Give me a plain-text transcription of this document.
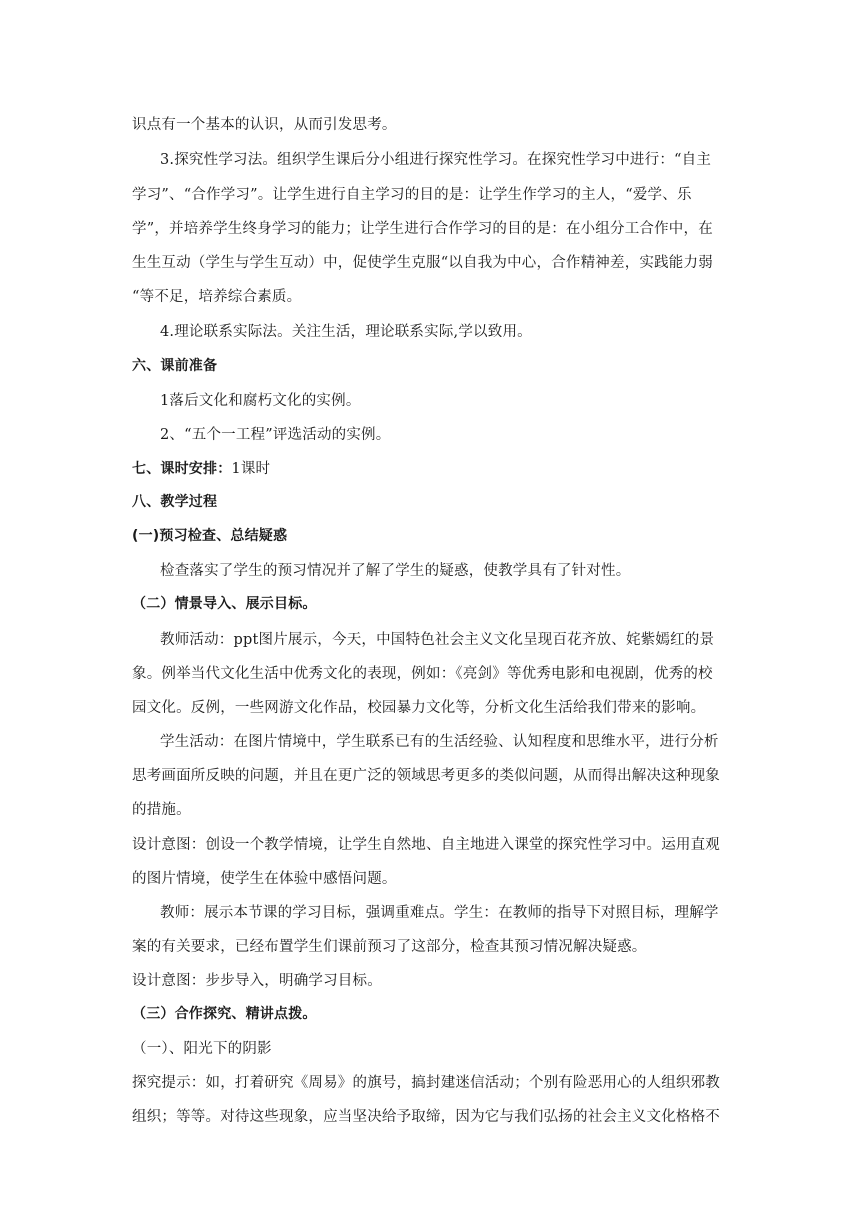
识点有一个基本的认识，从而引发思考。
3.探究性学习法。组织学生课后分小组进行探究性学习。在探究性学习中进行：“自主
学习”、“合作学习”。让学生进行自主学习的目的是：让学生作学习的主人，“爱学、乐
学”，并培养学生终身学习的能力；让学生进行合作学习的目的是：在小组分工合作中，在
生生互动（学生与学生互动）中，促使学生克服“以自我为中心，合作精神差，实践能力弱
“等不足，培养综合素质。
4.理论联系实际法。关注生活，理论联系实际,学以致用。
六、课前准备
1落后文化和腐朽文化的实例。
2、“五个一工程”评选活动的实例。
七、课时安排：1课时
八、教学过程
(一)预习检查、总结疑惑
检查落实了学生的预习情况并了解了学生的疑惑，使教学具有了针对性。
（二）情景导入、展示目标。
教师活动：ppt图片展示，今天，中国特色社会主义文化呈现百花齐放、姹紫嫣红的景
象。例举当代文化生活中优秀文化的表现，例如：《亮剑》等优秀电影和电视剧，优秀的校
园文化。反例，一些网游文化作品，校园暴力文化等，分析文化生活给我们带来的影响。
学生活动：在图片情境中，学生联系已有的生活经验、认知程度和思维水平，进行分析
思考画面所反映的问题，并且在更广泛的领域思考更多的类似问题，从而得出解决这种现象
的措施。
设计意图：创设一个教学情境，让学生自然地、自主地进入课堂的探究性学习中。运用直观
的图片情境，使学生在体验中感悟问题。
教师：展示本节课的学习目标，强调重难点。学生：在教师的指导下对照目标，理解学
案的有关要求，已经布置学生们课前预习了这部分，检查其预习情况解决疑惑。
设计意图：步步导入，明确学习目标。
（三）合作探究、精讲点拨。
（一）、阳光下的阴影
探究提示：如，打着研究《周易》的旗号，搞封建迷信活动；个别有险恶用心的人组织邪教
组织；等等。对待这些现象，应当坚决给予取缔，因为它与我们弘扬的社会主义文化格格不
